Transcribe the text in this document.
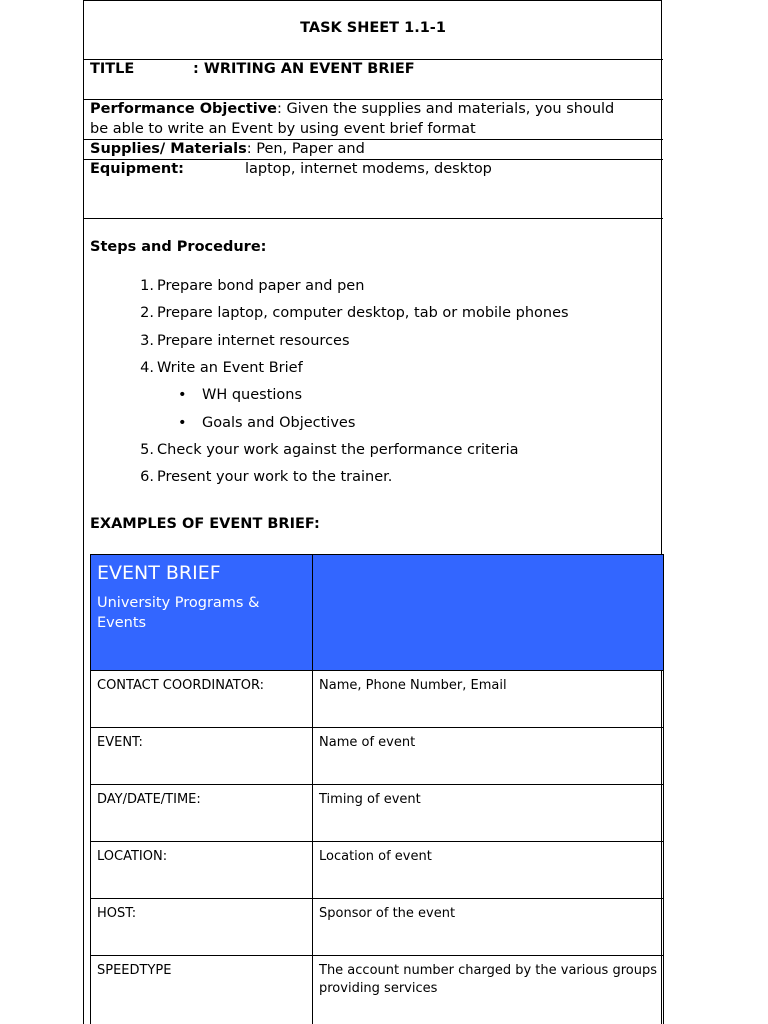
TASK SHEET 1.1-1
TITLE	: WRITING AN EVENT BRIEF
Performance Objective: Given the supplies and materials, you should
be able to write an Event by using event brief format
Supplies/ Materials: Pen, Paper and
Equipment:	laptop, internet modems, desktop
Steps and Procedure:
1. Prepare bond paper and pen
2. Prepare laptop, computer desktop, tab or mobile phones
3. Prepare internet resources
4. Write an Event Brief
• WH questions
• Goals and Objectives
5. Check your work against the performance criteria
6. Present your work to the trainer.
EXAMPLES OF EVENT BRIEF:
EVENT BRIEF
University Programs & Events	

CONTACT COORDINATOR:	Name, Phone Number, Email
EVENT:	Name of event
DAY/DATE/TIME:	Timing of event
LOCATION:	Location of event
HOST:	Sponsor of the event
SPEEDTYPE	The account number charged by the various groups
providing services
